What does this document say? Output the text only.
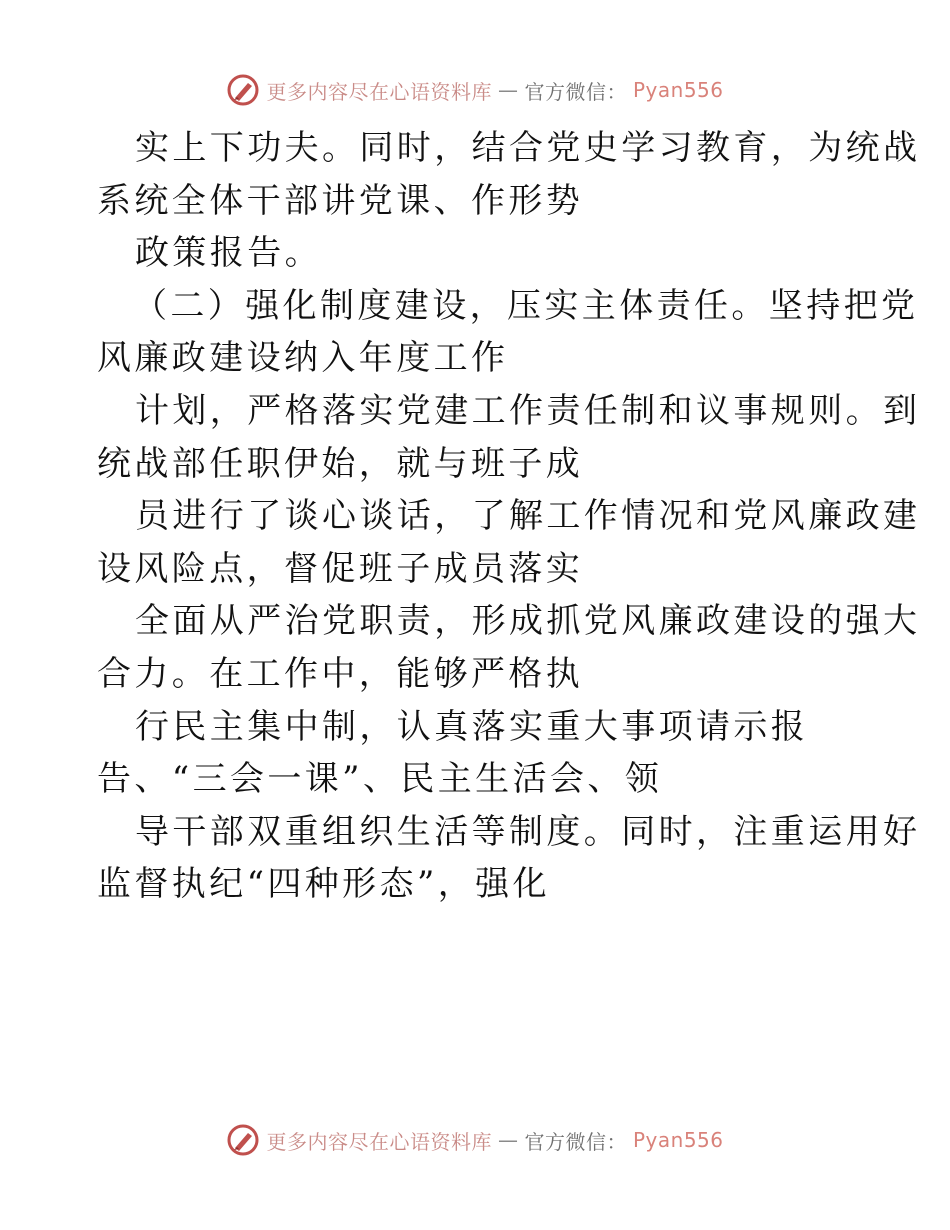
更多内容尽在心语资料库 — 官方微信： Pyan556
实上下功夫。同时，结合党史学习教育，为统战
系统全体干部讲党课、作形势
政策报告。
（二）强化制度建设，压实主体责任。坚持把党
风廉政建设纳入年度工作
计划，严格落实党建工作责任制和议事规则。到
统战部任职伊始，就与班子成
员进行了谈心谈话，了解工作情况和党风廉政建
设风险点，督促班子成员落实
全面从严治党职责，形成抓党风廉政建设的强大
合力。在工作中，能够严格执
行民主集中制，认真落实重大事项请示报
告、“三会一课”、民主生活会、领
导干部双重组织生活等制度。同时，注重运用好
监督执纪“四种形态”，强化
更多内容尽在心语资料库 — 官方微信： Pyan556
